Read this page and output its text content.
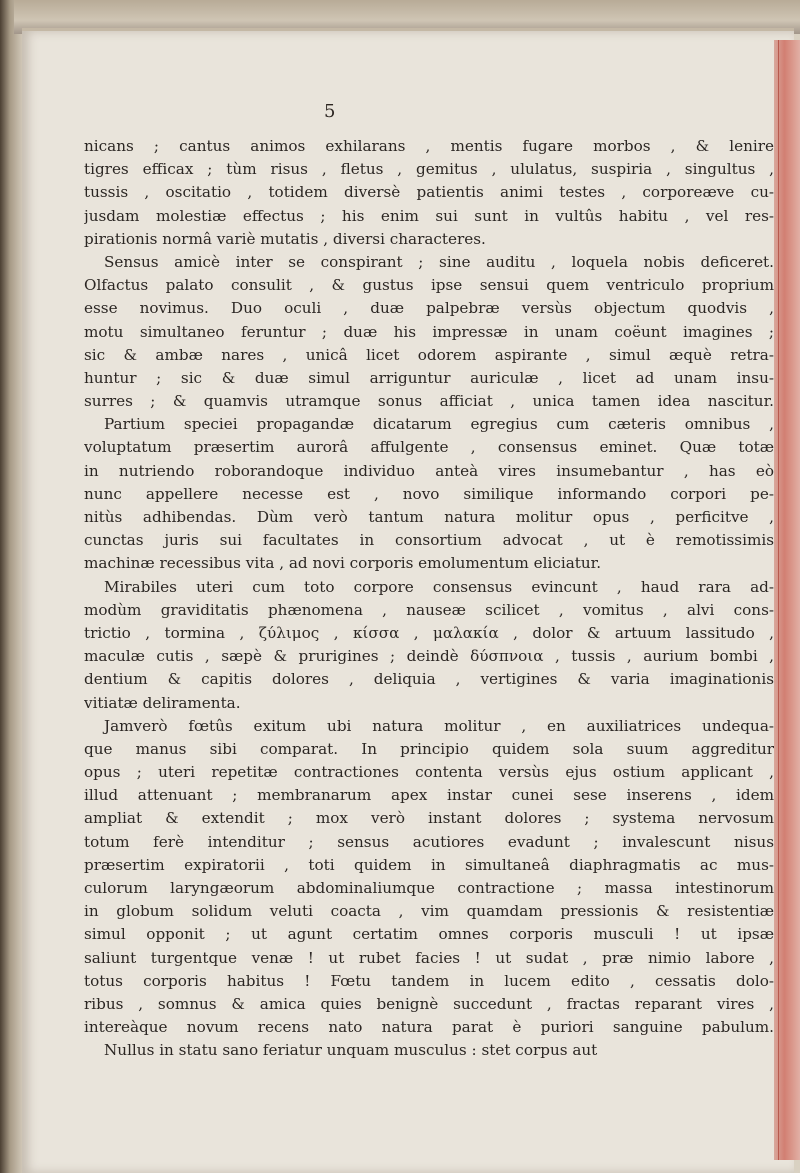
5
nicans ; cantus animos exhilarans , mentis fugare morbos , & lenire
tigres efficax ; tùm risus , fletus , gemitus , ululatus, suspiria , singultus ,
tussis , oscitatio , totidem diversè patientis animi testes , corporeæve cu-
jusdam molestiæ effectus ; his enim sui sunt in vultûs habitu , vel res-
pirationis normâ variè mutatis , diversi characteres.
Sensus amicè inter se conspirant ; sine auditu , loquela nobis deficeret.
Olfactus palato consulit , & gustus ipse sensui quem ventriculo proprium
esse novimus. Duo oculi , duæ palpebræ versùs objectum quodvis ,
motu simultaneo feruntur ; duæ his impressæ in unam coëunt imagines ;
sic & ambæ nares , unicâ licet odorem aspirante , simul æquè retra-
huntur ; sic & duæ simul arriguntur auriculæ , licet ad unam insu-
surres ; & quamvis utramque sonus afficiat , unica tamen idea nascitur.
Partium speciei propagandæ dicatarum egregius cum cæteris omnibus ,
voluptatum præsertim aurorâ affulgente , consensus eminet. Quæ totæ
in nutriendo roborandoque individuo anteà vires insumebantur , has eò
nunc appellere necesse est , novo similique informando corpori pe-
nitùs adhibendas. Dùm verò tantum natura molitur opus , perficitve ,
cunctas juris sui facultates in consortium advocat , ut è remotissimis
machinæ recessibus vita , ad novi corporis emolumentum eliciatur.
Mirabiles uteri cum toto corpore consensus evincunt , haud rara ad-
modùm graviditatis phænomena , nauseæ scilicet , vomitus , alvi cons-
trictio , tormina , ζύλιμος , κίσσα , μαλακία , dolor & artuum lassitudo ,
maculæ cutis , sæpè & prurigines ; deindè δύσπνοια , tussis , aurium bombi ,
dentium & capitis dolores , deliquia , vertigines & varia imaginationis
vitiatæ deliramenta.
Jamverò fœtûs exitum ubi natura molitur , en auxiliatrices undequa-
que manus sibi comparat. In principio quidem sola suum aggreditur
opus ; uteri repetitæ contractiones contenta versùs ejus ostium applicant ,
illud attenuant ; membranarum apex instar cunei sese inserens , idem
ampliat & extendit ; mox verò instant dolores ; systema nervosum
totum ferè intenditur ; sensus acutiores evadunt ; invalescunt nisus
præsertim expiratorii , toti quidem in simultaneâ diaphragmatis ac mus-
culorum laryngæorum abdominaliumque contractione ; massa intestinorum
in globum solidum veluti coacta , vim quamdam pressionis & resistentiæ
simul opponit ; ut agunt certatim omnes corporis musculi ! ut ipsæ
saliunt turgentque venæ ! ut rubet facies ! ut sudat , præ nimio labore ,
totus corporis habitus ! Fœtu tandem in lucem edito , cessatis dolo-
ribus , somnus & amica quies benignè succedunt , fractas reparant vires ,
intereàque novum recens nato natura parat è puriori sanguine pabulum.
Nullus in statu sano feriatur unquam musculus : stet corpus aut
